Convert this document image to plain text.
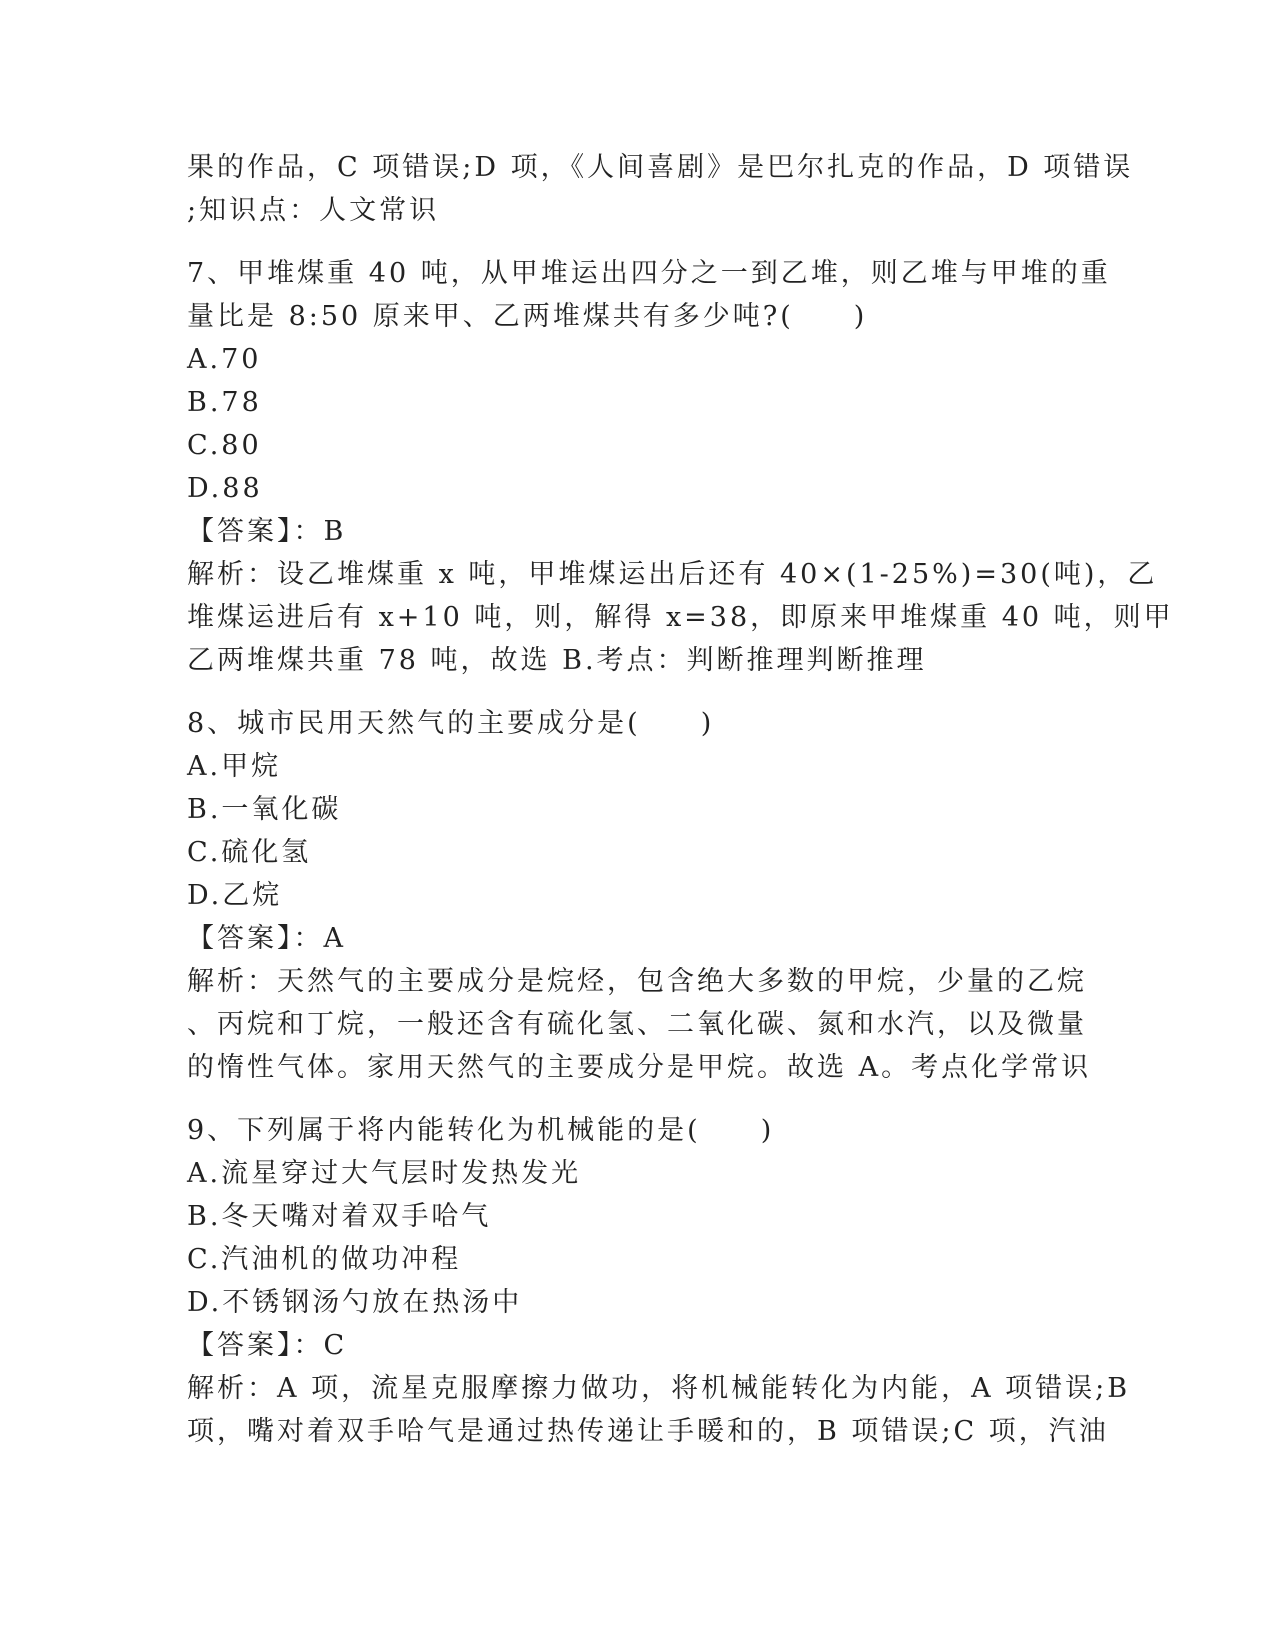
果的作品，C 项错误;D 项，《人间喜剧》是巴尔扎克的作品，D 项错误
;知识点：人文常识
7、甲堆煤重 40 吨，从甲堆运出四分之一到乙堆，则乙堆与甲堆的重
量比是 8:50 原来甲、乙两堆煤共有多少吨?(　　)
A.70
B.78
C.80
D.88
【答案】：B
解析：设乙堆煤重 x 吨，甲堆煤运出后还有 40×(1-25%)=30(吨)，乙
堆煤运进后有 x+10 吨，则，解得 x=38，即原来甲堆煤重 40 吨，则甲
乙两堆煤共重 78 吨，故选 B.考点：判断推理判断推理
8、城市民用天然气的主要成分是(　　)
A.甲烷
B.一氧化碳
C.硫化氢
D.乙烷
【答案】：A
解析：天然气的主要成分是烷烃，包含绝大多数的甲烷，少量的乙烷
、丙烷和丁烷，一般还含有硫化氢、二氧化碳、氮和水汽，以及微量
的惰性气体。家用天然气的主要成分是甲烷。故选 A。考点化学常识
9、下列属于将内能转化为机械能的是(　　)
A.流星穿过大气层时发热发光
B.冬天嘴对着双手哈气
C.汽油机的做功冲程
D.不锈钢汤勺放在热汤中
【答案】：C
解析：A 项，流星克服摩擦力做功，将机械能转化为内能，A 项错误;B
项，嘴对着双手哈气是通过热传递让手暖和的，B 项错误;C 项，汽油
